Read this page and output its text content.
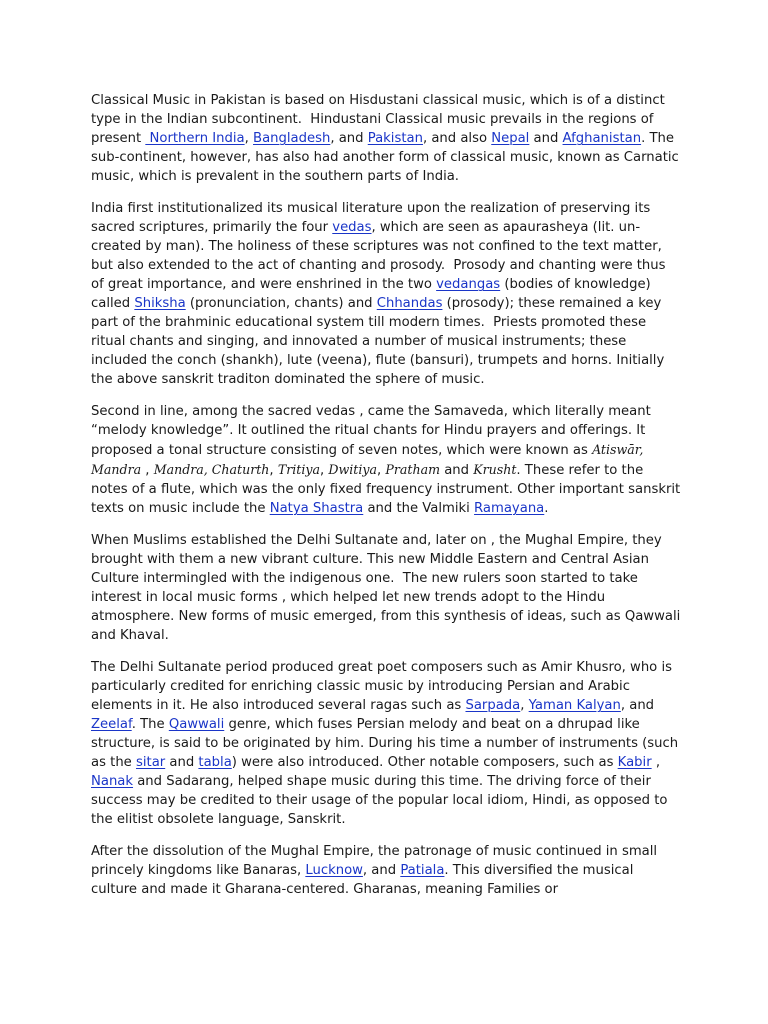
Classical Music in Pakistan is based on Hisdustani classical music, which is of a distinct type in the Indian subcontinent.  Hindustani Classical music prevails in the regions of present  Northern India, Bangladesh, and Pakistan, and also Nepal and Afghanistan. The sub-continent, however, has also had another form of classical music, known as Carnatic music, which is prevalent in the southern parts of India.

India first institutionalized its musical literature upon the realization of preserving its sacred scriptures, primarily the four vedas, which are seen as apaurasheya (lit. un-created by man). The holiness of these scriptures was not confined to the text matter, but also extended to the act of chanting and prosody.  Prosody and chanting were thus of great importance, and were enshrined in the two vedangas (bodies of knowledge) called Shiksha (pronunciation, chants) and Chhandas (prosody); these remained a key part of the brahminic educational system till modern times.  Priests promoted these ritual chants and singing, and innovated a number of musical instruments; these included the conch (shankh), lute (veena), flute (bansuri), trumpets and horns. Initially the above sanskrit traditon dominated the sphere of music.

Second in line, among the sacred vedas , came the Samaveda, which literally meant “melody knowledge”. It outlined the ritual chants for Hindu prayers and offerings. It proposed a tonal structure consisting of seven notes, which were known as Atiswār, Mandra , Mandra, Chaturth, Tritiya, Dwitiya, Pratham and Krusht. These refer to the notes of a flute, which was the only fixed frequency instrument. Other important sanskrit texts on music include the Natya Shastra and the Valmiki Ramayana.

When Muslims established the Delhi Sultanate and, later on , the Mughal Empire, they brought with them a new vibrant culture. This new Middle Eastern and Central Asian Culture intermingled with the indigenous one.  The new rulers soon started to take interest in local music forms , which helped let new trends adopt to the Hindu atmosphere. New forms of music emerged, from this synthesis of ideas, such as Qawwali and Khaval.

The Delhi Sultanate period produced great poet composers such as Amir Khusro, who is particularly credited for enriching classic music by introducing Persian and Arabic elements in it. He also introduced several ragas such as Sarpada, Yaman Kalyan, and  Zeelaf. The Qawwali genre, which fuses Persian melody and beat on a dhrupad like structure, is said to be originated by him. During his time a number of instruments (such as the sitar and tabla) were also introduced. Other notable composers, such as Kabir , Nanak and Sadarang, helped shape music during this time. The driving force of their success may be credited to their usage of the popular local idiom, Hindi, as opposed to the elitist obsolete language, Sanskrit.

After the dissolution of the Mughal Empire, the patronage of music continued in small princely kingdoms like Banaras, Lucknow, and Patiala. This diversified the musical culture and made it Gharana-centered. Gharanas, meaning Families or
